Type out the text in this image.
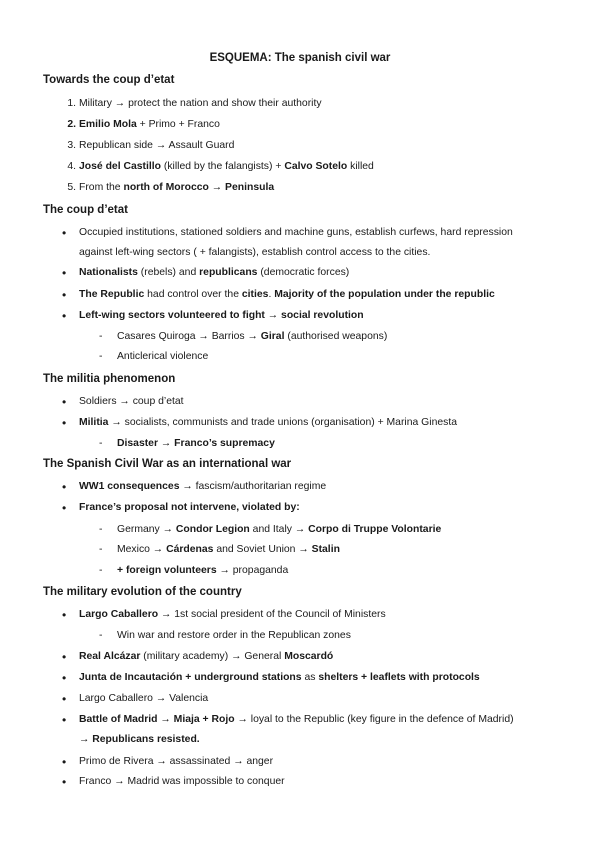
ESQUEMA: The spanish civil war
Towards the coup d’etat
1. Military → protect the nation and show their authority
2. Emilio Mola + Primo + Franco
3. Republican side → Assault Guard
4. José del Castillo (killed by the falangists) + Calvo Sotelo killed
5. From the north of Morocco → Peninsula
The coup d’etat
• Occupied institutions, stationed soldiers and machine guns, establish curfews, hard repression
against left-wing sectors ( + falangists), establish control access to the cities.
• Nationalists (rebels) and republicans (democratic forces)
• The Republic had control over the cities. Majority of the population under the republic
• Left-wing sectors volunteered to fight → social revolution
- Casares Quiroga → Barrios → Giral (authorised weapons)
- Anticlerical violence
The militia phenomenon
• Soldiers → coup d’etat
• Militia → socialists, communists and trade unions (organisation) + Marina Ginesta
- Disaster → Franco’s supremacy
The Spanish Civil War as an international war
• WW1 consequences → fascism/authoritarian regime
• France’s proposal not intervene, violated by:
- Germany → Condor Legion and Italy → Corpo di Truppe Volontarie
- Mexico → Cárdenas and Soviet Union → Stalin
- + foreign volunteers → propaganda
The military evolution of the country
• Largo Caballero → 1st social president of the Council of Ministers
- Win war and restore order in the Republican zones
• Real Alcázar (military academy) → General Moscardó
• Junta de Incautación + underground stations as shelters + leaflets with protocols
• Largo Caballero → Valencia
• Battle of Madrid → Miaja + Rojo → loyal to the Republic (key figure in the defence of Madrid)
→ Republicans resisted.
• Primo de Rivera → assassinated → anger
• Franco → Madrid was impossible to conquer
